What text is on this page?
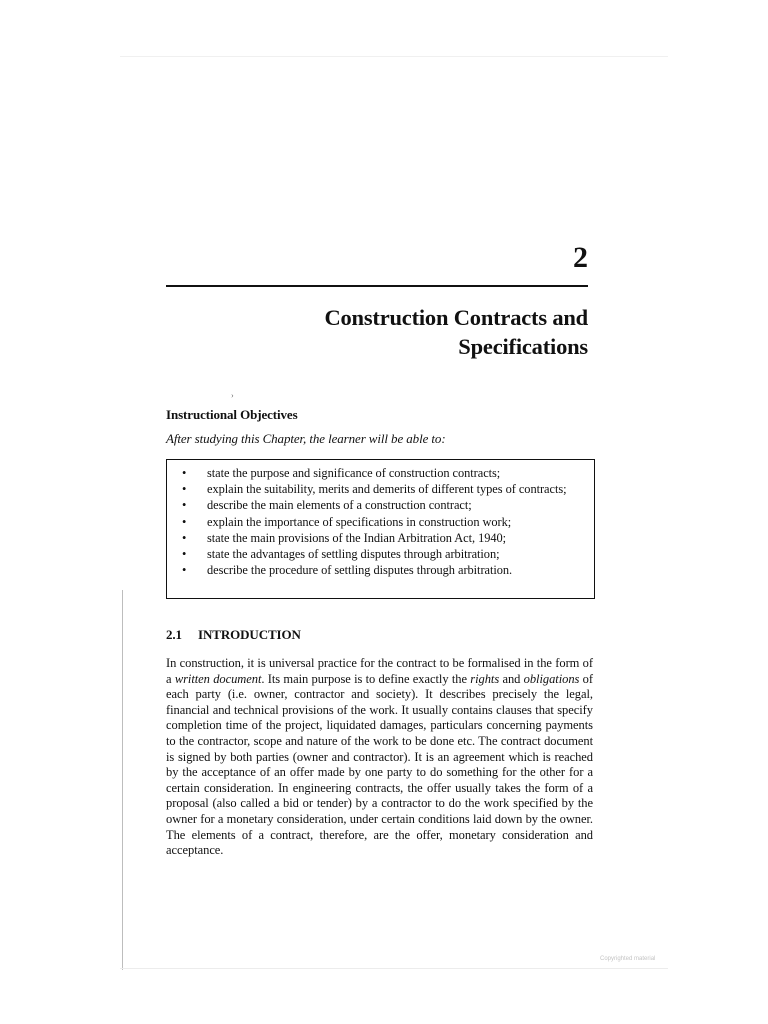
2
Construction Contracts and
Specifications
›
Instructional Objectives
After studying this Chapter, the learner will be able to:
• state the purpose and significance of construction contracts;
• explain the suitability, merits and demerits of different types of contracts;
• describe the main elements of a construction contract;
• explain the importance of specifications in construction work;
• state the main provisions of the Indian Arbitration Act, 1940;
• state the advantages of settling disputes through arbitration;
• describe the procedure of settling disputes through arbitration.
2.1 INTRODUCTION

In construction, it is universal practice for the contract to be formalised in the form of a written document. Its main purpose is to define exactly the rights and obligations of each party (i.e. owner, contractor and society). It describes precisely the legal, financial and technical provisions of the work. It usually contains clauses that specify completion time of the project, liquidated damages, particulars concerning payments to the contractor, scope and nature of the work to be done etc. The contract document is signed by both parties (owner and contractor). It is an agreement which is reached by the acceptance of an offer made by one party to do something for the other for a certain consideration. In engineering contracts, the offer usually takes the form of a proposal (also called a bid or tender) by a contractor to do the work specified by the owner for a monetary consideration, under certain conditions laid down by the owner. The elements of a contract, therefore, are the offer, monetary consideration and acceptance.

Copyrighted material
